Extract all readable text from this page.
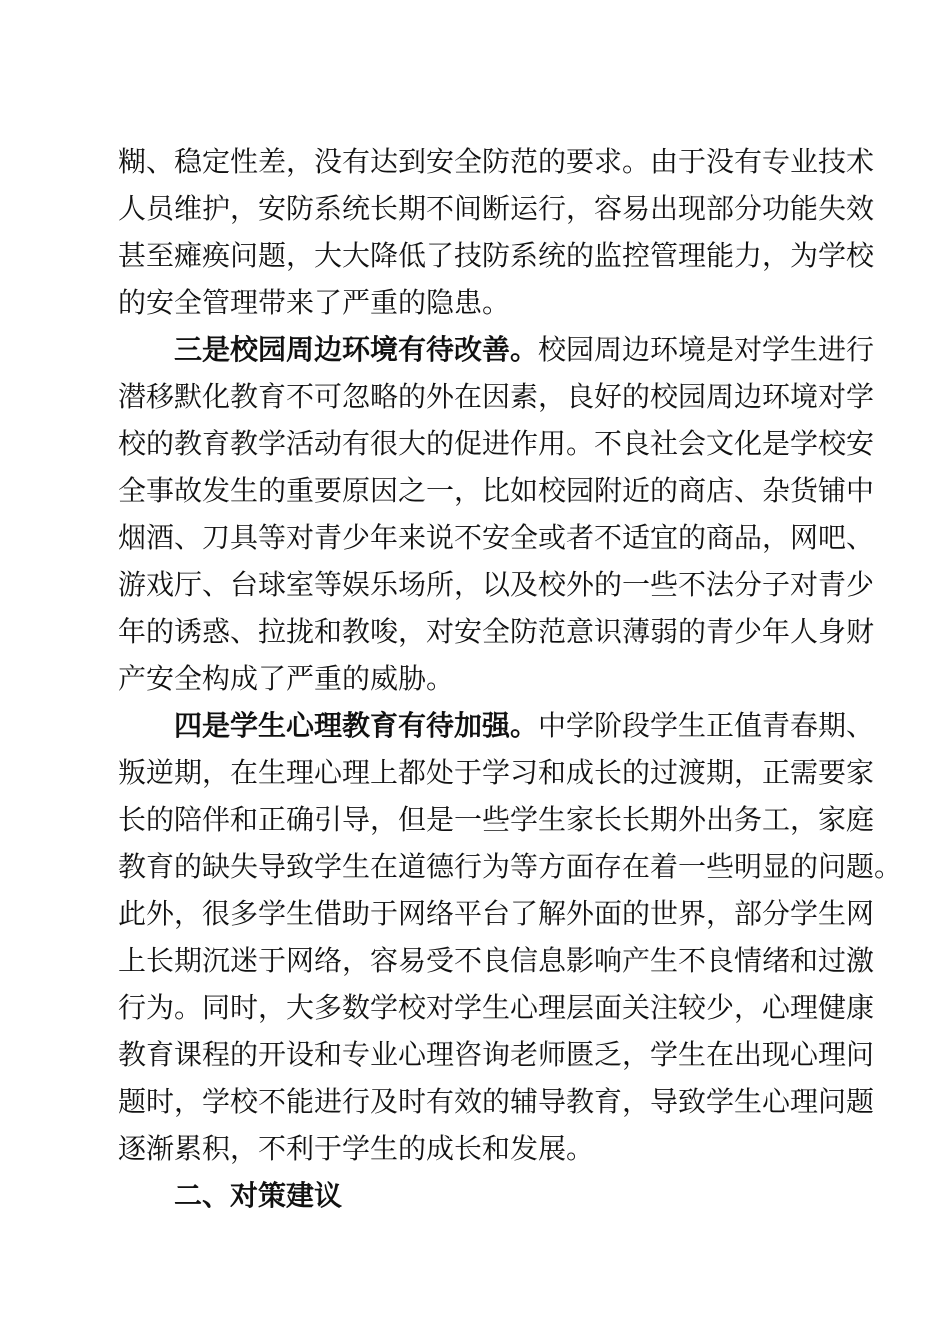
糊、稳定性差，没有达到安全防范的要求。由于没有专业技术
人员维护，安防系统长期不间断运行，容易出现部分功能失效
甚至瘫痪问题，大大降低了技防系统的监控管理能力，为学校
的安全管理带来了严重的隐患。
三是校园周边环境有待改善。校园周边环境是对学生进行
潜移默化教育不可忽略的外在因素，良好的校园周边环境对学
校的教育教学活动有很大的促进作用。不良社会文化是学校安
全事故发生的重要原因之一，比如校园附近的商店、杂货铺中
烟酒、刀具等对青少年来说不安全或者不适宜的商品，网吧、
游戏厅、台球室等娱乐场所，以及校外的一些不法分子对青少
年的诱惑、拉拢和教唆，对安全防范意识薄弱的青少年人身财
产安全构成了严重的威胁。
四是学生心理教育有待加强。中学阶段学生正值青春期、
叛逆期，在生理心理上都处于学习和成长的过渡期，正需要家
长的陪伴和正确引导，但是一些学生家长长期外出务工，家庭
教育的缺失导致学生在道德行为等方面存在着一些明显的问题。
此外，很多学生借助于网络平台了解外面的世界，部分学生网
上长期沉迷于网络，容易受不良信息影响产生不良情绪和过激
行为。同时，大多数学校对学生心理层面关注较少，心理健康
教育课程的开设和专业心理咨询老师匮乏，学生在出现心理问
题时，学校不能进行及时有效的辅导教育，导致学生心理问题
逐渐累积，不利于学生的成长和发展。
二、对策建议
